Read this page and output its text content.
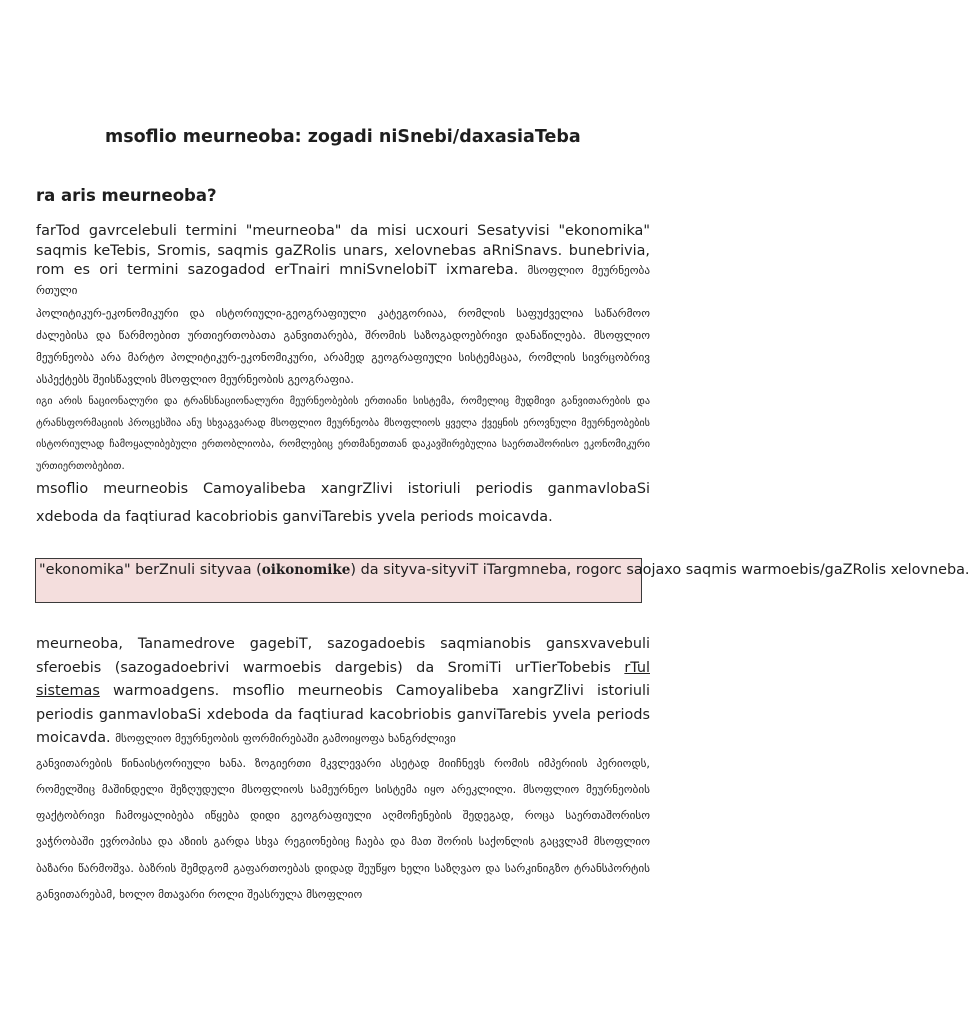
msoflio meurneoba: zogadi niSnebi/daxasiaTeba
ra aris meurneoba?

farTod gavrcelebuli termini "meurneoba" da misi ucxouri Sesatyvisi "ekonomika" saqmis keTebis, Sromis, saqmis gaZRolis unars, xelovnebas aRniSnavs. bunebrivia, rom es ori termini sazogadod erTnairi mniSvnelobiT ixmareba. მსოფლიო მეურნეობა რთული
პოლიტიკურ-ეკონომიკური და ისტორიული-გეოგრაფიული კატეგორიაა, რომლის საფუძველია საწარმოო ძალებისა და წარმოებით ურთიერთობათა განვითარება, შრომის საზოგადოებრივი დანაწილება. მსოფლიო მეურნეობა არა მარტო პოლიტიკურ-ეკონომიკური, არამედ გეოგრაფიული სისტემაცაა, რომლის სივრცობრივ ასპექტებს შეისწავლის მსოფლიო მეურნეობის გეოგრაფია.
იგი არის ნაციონალური და ტრანსნაციონალური მეურნეობების ერთიანი სისტემა, რომელიც მუდმივი განვითარების და ტრანსფორმაციის პროცესშია ანუ სხვაგვარად მსოფლიო მეურნეობა მსოფლიოს ყველა ქვეყნის ეროვნული მეურნეობების ისტორიულად ჩამოყალიბებული ერთობლიობა, რომლებიც ერთმანეთთან დაკავშირებულია საერთაშორისო ეკონომიკური ურთიერთობებით.

msoflio meurneobis Camoyalibeba xangrZlivi istoriuli periodis ganmavlobaSi xdeboda da faqtiurad kacobriobis ganviTarebis yvela periods moicavda.

"ekonomika" berZnuli sityvaa (oikonomike) da sityva-sityviT iTargmneba, rogorc saojaxo saqmis warmoebis/gaZRolis xelovneba.

meurneoba, Tanamedrove gagebiT, sazogadoebis saqmianobis gansxvavebuli sferoebis (sazogadoebrivi warmoebis dargebis) da SromiTi urTierTobebis rTul sistemas warmoadgens. msoflio meurneobis Camoyalibeba xangrZlivi istoriuli periodis ganmavlobaSi xdeboda da faqtiurad kacobriobis ganviTarebis yvela periods moicavda. მსოფლიო მეურნეობის ფორმირებაში გამოიყოფა ხანგრძლივი
განვითარების წინაისტორიული ხანა. ზოგიერთი მკვლევარი ასეტად მიიჩნევს რომის იმპერიის პერიოდს, რომელშიც მაშინდელი შეზღუდული მსოფლიოს სამეურნეო სისტემა იყო არეკლილი. მსოფლიო მეურნეობის ფაქტობრივი ჩამოყალიბება იწყება დიდი გეოგრაფიული აღმოჩენების შედეგად, როცა საერთაშორისო ვაჭრობაში ევროპისა და აზიის გარდა სხვა რეგიონებიც ჩაება და მათ შორის საქონლის გაცვლამ მსოფლიო ბაზარი წარმოშვა. ბაზრის შემდგომ გაფართოებას დიდად შეუწყო ხელი საზღვაო და სარკინიგზო ტრანსპორტის განვითარებამ, ხოლო მთავარი როლი შეასრულა მსოფლიო
